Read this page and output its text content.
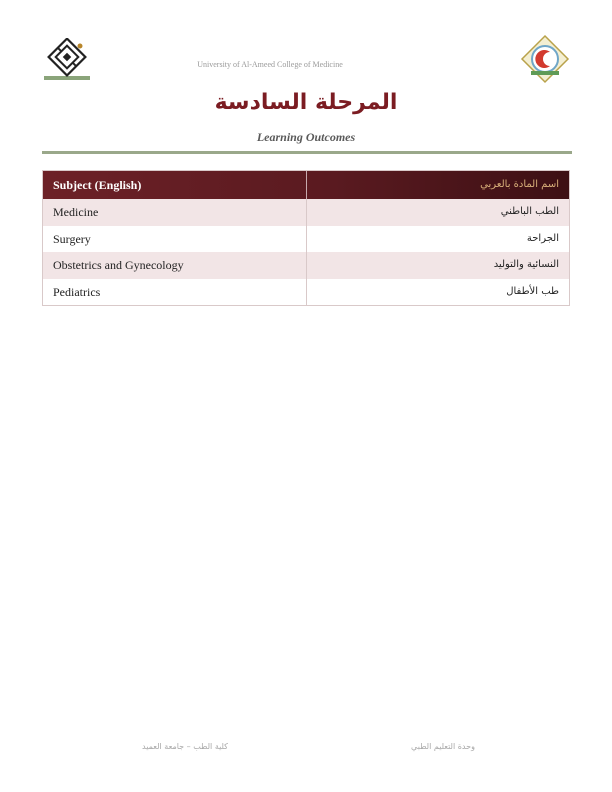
University of Al-Ameed College of Medicine
المرحلة السادسة
Learning Outcomes
Subject (English)	اسم المادة بالعربي
Medicine	الطب الباطني
Surgery	الجراحة
Obstetrics and Gynecology	النسائية والتوليد
Pediatrics	طب الأطفال
كلية الطب – جامعة العميد	وحدة التعليم الطبي
